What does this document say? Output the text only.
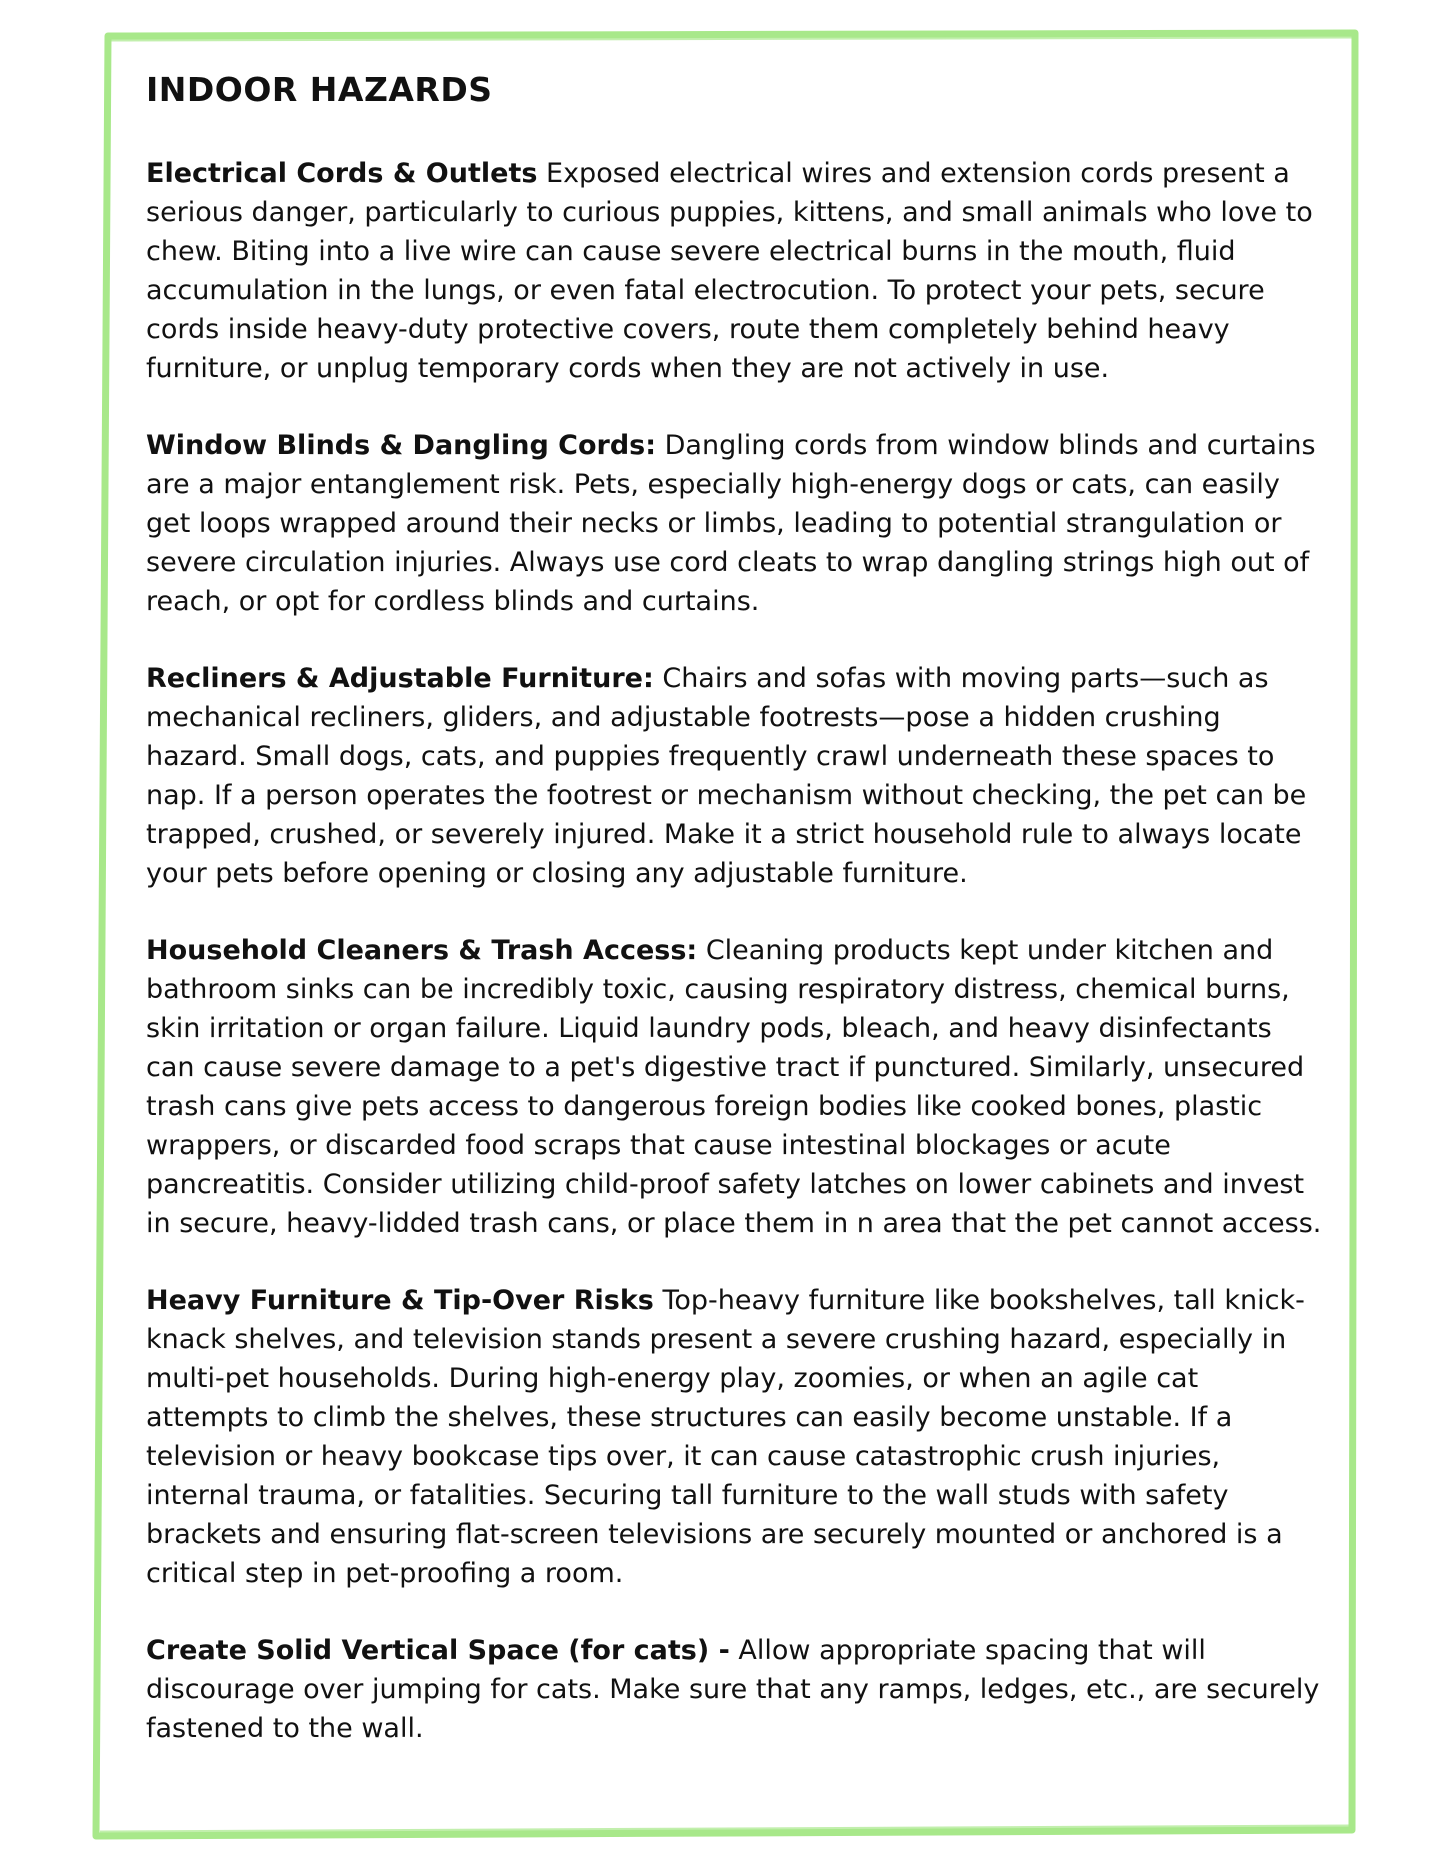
INDOOR HAZARDS

Electrical Cords & Outlets Exposed electrical wires and extension cords present a serious danger, particularly to curious puppies, kittens, and small animals who love to chew. Biting into a live wire can cause severe electrical burns in the mouth, fluid accumulation in the lungs, or even fatal electrocution. To protect your pets, secure cords inside heavy-duty protective covers, route them completely behind heavy furniture, or unplug temporary cords when they are not actively in use.

Window Blinds & Dangling Cords: Dangling cords from window blinds and curtains are a major entanglement risk. Pets, especially high-energy dogs or cats, can easily get loops wrapped around their necks or limbs, leading to potential strangulation or severe circulation injuries. Always use cord cleats to wrap dangling strings high out of reach, or opt for cordless blinds and curtains.

Recliners & Adjustable Furniture: Chairs and sofas with moving parts—such as mechanical recliners, gliders, and adjustable footrests—pose a hidden crushing hazard. Small dogs, cats, and puppies frequently crawl underneath these spaces to nap. If a person operates the footrest or mechanism without checking, the pet can be trapped, crushed, or severely injured. Make it a strict household rule to always locate your pets before opening or closing any adjustable furniture.

Household Cleaners & Trash Access: Cleaning products kept under kitchen and bathroom sinks can be incredibly toxic, causing respiratory distress, chemical burns, skin irritation or organ failure. Liquid laundry pods, bleach, and heavy disinfectants can cause severe damage to a pet's digestive tract if punctured. Similarly, unsecured trash cans give pets access to dangerous foreign bodies like cooked bones, plastic wrappers, or discarded food scraps that cause intestinal blockages or acute pancreatitis. Consider utilizing child-proof safety latches on lower cabinets and invest in secure, heavy-lidded trash cans, or place them in n area that the pet cannot access.

Heavy Furniture & Tip-Over Risks Top-heavy furniture like bookshelves, tall knick-knack shelves, and television stands present a severe crushing hazard, especially in multi-pet households. During high-energy play, zoomies, or when an agile cat attempts to climb the shelves, these structures can easily become unstable. If a television or heavy bookcase tips over, it can cause catastrophic crush injuries, internal trauma, or fatalities. Securing tall furniture to the wall studs with safety brackets and ensuring flat-screen televisions are securely mounted or anchored is a critical step in pet-proofing a room.

Create Solid Vertical Space (for cats) - Allow appropriate spacing that will discourage over jumping for cats. Make sure that any ramps, ledges, etc., are securely fastened to the wall.
